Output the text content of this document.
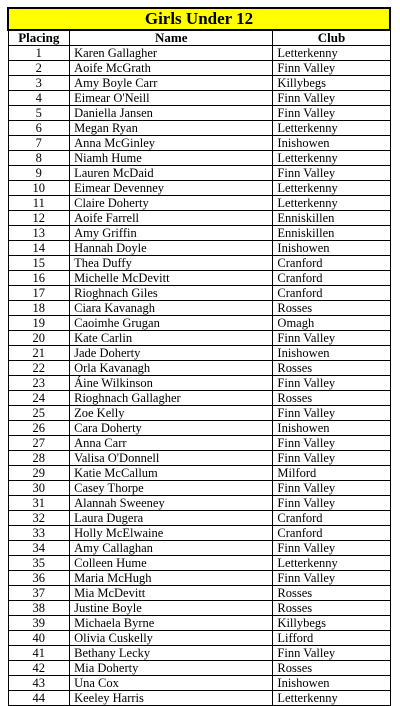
Girls Under 12		
Placing	Name	Club
1	Karen Gallagher	Letterkenny
2	Aoife McGrath	Finn Valley
3	Amy Boyle Carr	Killybegs
4	Eimear O'Neill	Finn Valley
5	Daniella Jansen	Finn Valley
6	Megan Ryan	Letterkenny
7	Anna McGinley	Inishowen
8	Niamh Hume	Letterkenny
9	Lauren McDaid	Finn Valley
10	Eimear Devenney	Letterkenny
11	Claire Doherty	Letterkenny
12	Aoife Farrell	Enniskillen
13	Amy Griffin	Enniskillen
14	Hannah Doyle	Inishowen
15	Thea Duffy	Cranford
16	Michelle McDevitt	Cranford
17	Rioghnach Giles	Cranford
18	Ciara Kavanagh	Rosses
19	Caoimhe Grugan	Omagh
20	Kate Carlin	Finn Valley
21	Jade Doherty	Inishowen
22	Orla Kavanagh	Rosses
23	Áine Wilkinson	Finn Valley
24	Rioghnach Gallagher	Rosses
25	Zoe Kelly	Finn Valley
26	Cara Doherty	Inishowen
27	Anna Carr	Finn Valley
28	Valisa O'Donnell	Finn Valley
29	Katie McCallum	Milford
30	Casey Thorpe	Finn Valley
31	Alannah Sweeney	Finn Valley
32	Laura Dugera	Cranford
33	Holly McElwaine	Cranford
34	Amy Callaghan	Finn Valley
35	Colleen Hume	Letterkenny
36	Maria McHugh	Finn Valley
37	Mia McDevitt	Rosses
38	Justine Boyle	Rosses
39	Michaela Byrne	Killybegs
40	Olivia Cuskelly	Lifford
41	Bethany Lecky	Finn Valley
42	Mia Doherty	Rosses
43	Una Cox	Inishowen
44	Keeley Harris	Letterkenny
